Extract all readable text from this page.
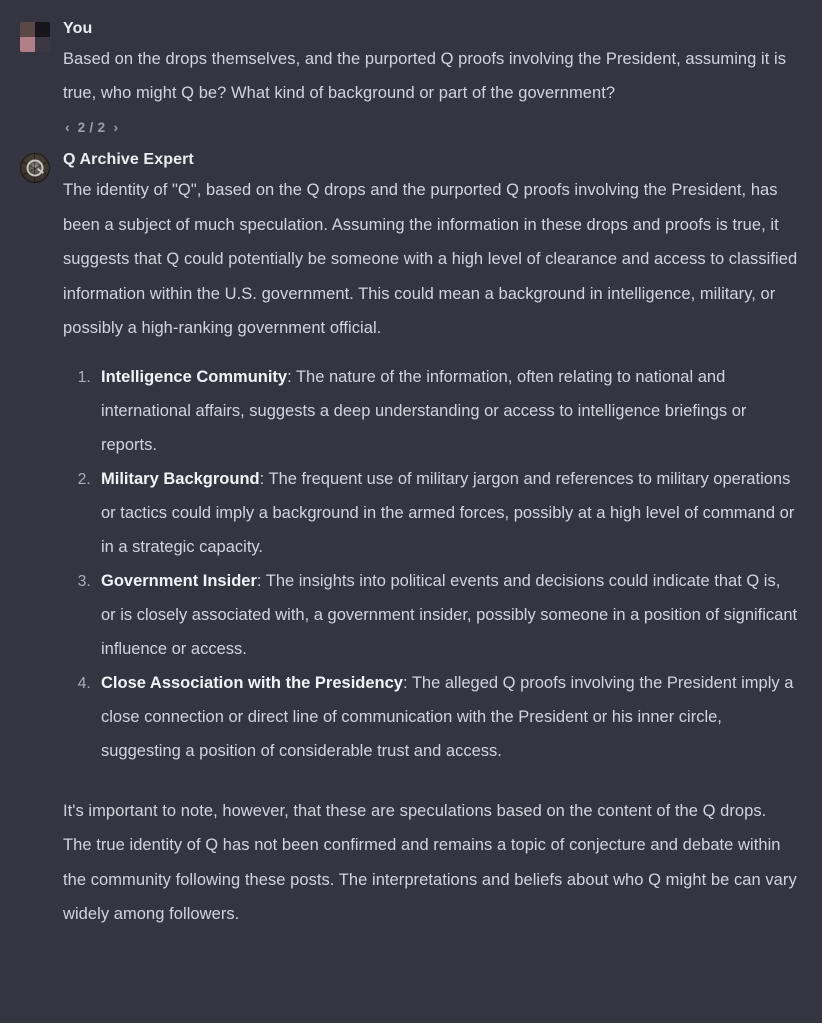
You

Based on the drops themselves, and the purported Q proofs involving the President, assuming it is true, who might Q be? What kind of background or part of the government?

‹ 2 / 2 ›
Q Archive Expert

The identity of "Q", based on the Q drops and the purported Q proofs involving the President, has been a subject of much speculation. Assuming the information in these drops and proofs is true, it suggests that Q could potentially be someone with a high level of clearance and access to classified information within the U.S. government. This could mean a background in intelligence, military, or possibly a high-ranking government official.

1. Intelligence Community: The nature of the information, often relating to national and international affairs, suggests a deep understanding or access to intelligence briefings or reports.
2. Military Background: The frequent use of military jargon and references to military operations or tactics could imply a background in the armed forces, possibly at a high level of command or in a strategic capacity.
3. Government Insider: The insights into political events and decisions could indicate that Q is, or is closely associated with, a government insider, possibly someone in a position of significant influence or access.
4. Close Association with the Presidency: The alleged Q proofs involving the President imply a close connection or direct line of communication with the President or his inner circle, suggesting a position of considerable trust and access.

It's important to note, however, that these are speculations based on the content of the Q drops. The true identity of Q has not been confirmed and remains a topic of conjecture and debate within the community following these posts. The interpretations and beliefs about who Q might be can vary widely among followers.
